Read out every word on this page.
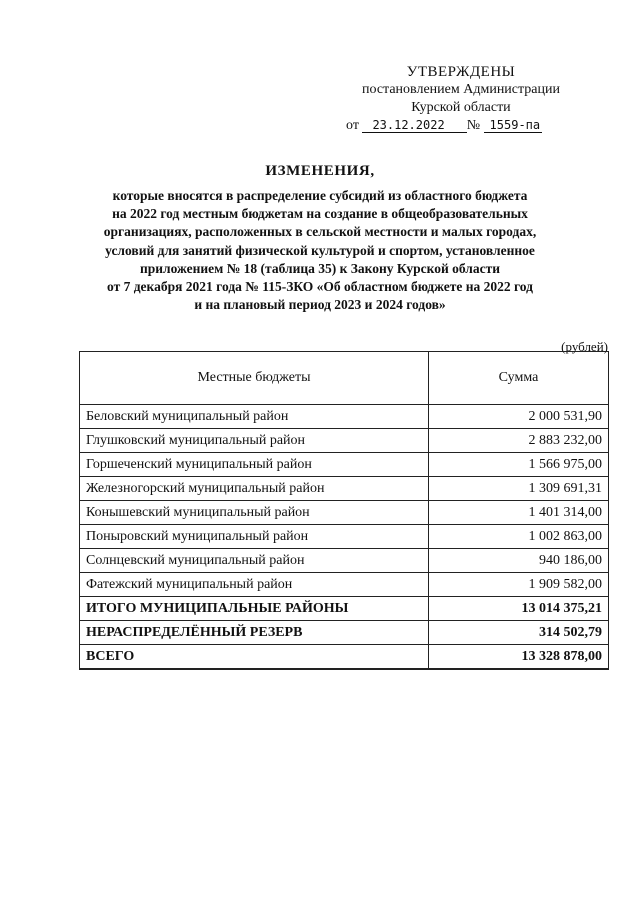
УТВЕРЖДЕНЫ
постановлением Администрации
Курской области
от 23.12.2022 № 1559-па
ИЗМЕНЕНИЯ,
которые вносятся в распределение субсидий из областного бюджета
на 2022 год местным бюджетам на создание в общеобразовательных
организациях, расположенных в сельской местности и малых городах,
условий для занятий физической культурой и спортом, установленное
приложением № 18 (таблица 35) к Закону Курской области
от 7 декабря 2021 года № 115-ЗКО «Об областном бюджете на 2022 год
и на плановый период 2023 и 2024 годов»
(рублей)
Местные бюджеты	Сумма
Беловский муниципальный район	2 000 531,90
Глушковский муниципальный район	2 883 232,00
Горшеченский муниципальный район	1 566 975,00
Железногорский муниципальный район	1 309 691,31
Конышевский муниципальный район	1 401 314,00
Поныровский муниципальный район	1 002 863,00
Солнцевский муниципальный район	940 186,00
Фатежский муниципальный район	1 909 582,00
ИТОГО МУНИЦИПАЛЬНЫЕ РАЙОНЫ	13 014 375,21
НЕРАСПРЕДЕЛЁННЫЙ РЕЗЕРВ	314 502,79
ВСЕГО	13 328 878,00
